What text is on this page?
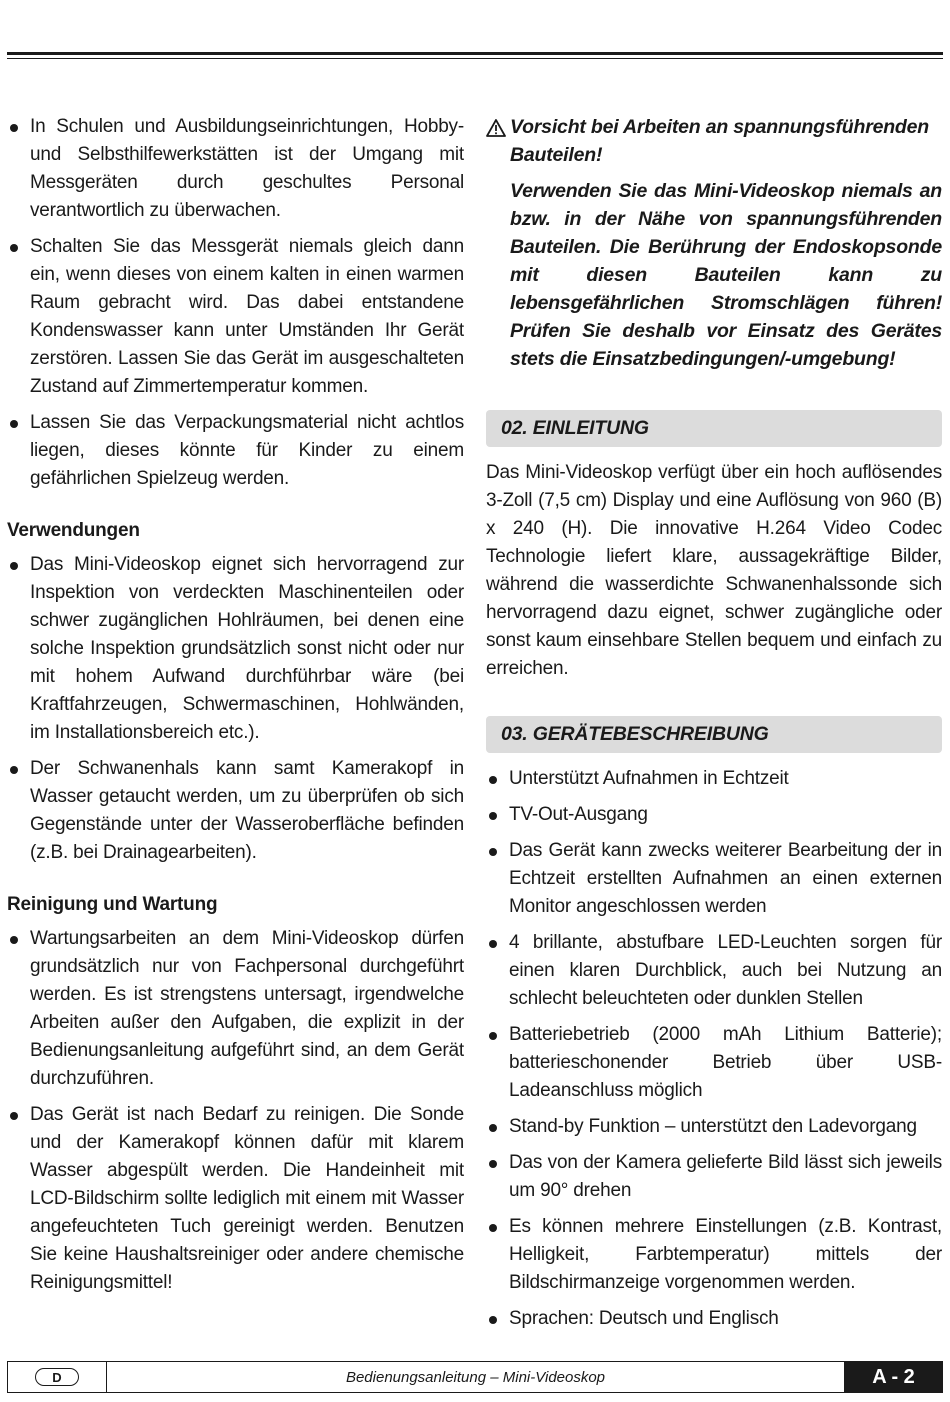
In Schulen und Ausbildungseinrichtungen, Hobby- und Selbsthilfewerkstätten ist der Umgang mit Messgeräten durch geschultes Personal verantwortlich zu überwachen.
Schalten Sie das Messgerät niemals gleich dann ein, wenn dieses von einem kalten in einen warmen Raum gebracht wird. Das dabei entstandene Kondenswasser kann unter Umständen Ihr Gerät zerstören. Lassen Sie das Gerät im ausgeschalteten Zustand auf Zimmertemperatur kommen.
Lassen Sie das Verpackungsmaterial nicht achtlos liegen, dieses könnte für Kinder zu einem gefährlichen Spielzeug werden.
Verwendungen
Das Mini-Videoskop eignet sich hervorragend zur Inspektion von verdeckten Maschinenteilen oder schwer zugänglichen Hohlräumen, bei denen eine solche Inspektion grundsätzlich sonst nicht oder nur mit hohem Aufwand durchführbar wäre (bei Kraftfahrzeugen, Schwermaschinen, Hohlwänden, im Installationsbereich etc.).
Der Schwanenhals kann samt Kamerakopf in Wasser getaucht werden, um zu überprüfen ob sich Gegenstände unter der Wasseroberfläche befinden (z.B. bei Drainagearbeiten).
Reinigung und Wartung
Wartungsarbeiten an dem Mini-Videoskop dürfen grundsätzlich nur von Fachpersonal durchgeführt werden. Es ist strengstens untersagt, irgendwelche Arbeiten außer den Aufgaben, die explizit in der Bedienungsanleitung aufgeführt sind, an dem Gerät durchzuführen.
Das Gerät ist nach Bedarf zu reinigen. Die Sonde und der Kamerakopf können dafür mit klarem Wasser abgespült werden. Die Handeinheit mit LCD-Bildschirm sollte lediglich mit einem mit Wasser angefeuchteten Tuch gereinigt werden. Benutzen Sie keine Haushaltsreiniger oder andere chemische Reinigungsmittel!
Vorsicht bei Arbeiten an spannungsführenden Bauteilen!
Verwenden Sie das Mini-Videoskop niemals an bzw. in der Nähe von spannungsführenden Bauteilen. Die Berührung der Endoskopsonde mit diesen Bauteilen kann zu lebensgefährlichen Stromschlägen führen! Prüfen Sie deshalb vor Einsatz des Gerätes stets die Einsatzbedingungen/-umgebung!
02. EINLEITUNG

Das Mini-Videoskop verfügt über ein hoch auflösendes 3-Zoll (7,5 cm) Display und eine Auflösung von 960 (B) x 240 (H). Die innovative H.264 Video Codec Technologie liefert klare, aussagekräftige Bilder, während die wasserdichte Schwanenhalssonde sich hervorragend dazu eignet, schwer zugängliche oder sonst kaum einsehbare Stellen bequem und einfach zu erreichen.

03. GERÄTEBESCHREIBUNG
Unterstützt Aufnahmen in Echtzeit
TV-Out-Ausgang
Das Gerät kann zwecks weiterer Bearbeitung der in Echtzeit erstellten Aufnahmen an einen externen Monitor angeschlossen werden
4 brillante, abstufbare LED-Leuchten sorgen für einen klaren Durchblick, auch bei Nutzung an schlecht beleuchteten oder dunklen Stellen
Batteriebetrieb (2000 mAh Lithium Batterie); batterieschonender Betrieb über USB-Ladeanschluss möglich
Stand-by Funktion – unterstützt den Ladevorgang
Das von der Kamera gelieferte Bild lässt sich jeweils um 90° drehen
Es können mehrere Einstellungen (z.B. Kontrast, Helligkeit, Farbtemperatur) mittels der Bildschirmanzeige vorgenommen werden.
Sprachen: Deutsch und Englisch
D	Bedienungsanleitung – Mini-Videoskop	A - 2
